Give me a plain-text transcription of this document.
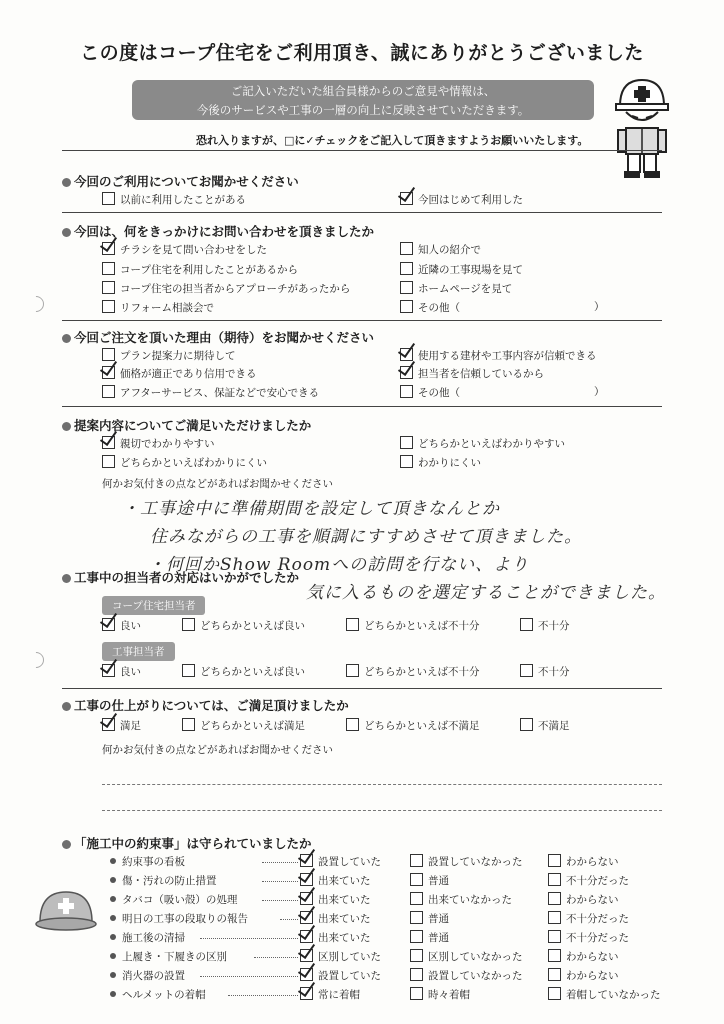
この度はコープ住宅をご利用頂き、誠にありがとうございました
ご記入いただいた組合員様からのご意見や情報は、
今後のサービスや工事の一層の向上に反映させていただきます。
恐れ入りますが、□に✓チェックをご記入して頂きますようお願いいたします。
今回のご利用についてお聞かせください
以前に利用したことがある	今回はじめて利用した
今回は、何をきっかけにお問い合わせを頂きましたか
チラシを見て問い合わせをした	知人の紹介で
コープ住宅を利用したことがあるから	近隣の工事現場を見て
コープ住宅の担当者からアプローチがあったから	ホームページを見て
リフォーム相談会で	その他（	）
今回ご注文を頂いた理由（期待）をお聞かせください
プラン提案力に期待して	使用する建材や工事内容が信頼できる
価格が適正であり信用できる	担当者を信頼しているから
アフターサービス、保証などで安心できる	その他（	）
提案内容についてご満足いただけましたか
親切でわかりやすい	どちらかといえばわかりやすい
どちらかといえばわかりにくい	わかりにくい
何かお気付きの点などがあればお聞かせください
・工事途中に準備期間を設定して頂きなんとか
住みながらの工事を順調にすすめさせて頂きました。
・何回かShow Roomへの訪問を行ない、より
気に入るものを選定することができました。
工事中の担当者の対応はいかがでしたか
コープ住宅担当者
良い	どちらかといえば良い	どちらかといえば不十分	不十分
工事担当者
良い	どちらかといえば良い	どちらかといえば不十分	不十分
工事の仕上がりについては、ご満足頂けましたか
満足	どちらかといえば満足	どちらかといえば不満足	不満足
何かお気付きの点などがあればお聞かせください
「施工中の約束事」は守られていましたか
約束事の看板	設置していた	設置していなかった	わからない
傷・汚れの防止措置	出来ていた	普通	不十分だった
タバコ（吸い殻）の処理	出来ていた	出来ていなかった	わからない
明日の工事の段取りの報告	出来ていた	普通	不十分だった
施工後の清掃	出来ていた	普通	不十分だった
上履き・下履きの区別	区別していた	区別していなかった	わからない
消火器の設置	設置していた	設置していなかった	わからない
ヘルメットの着帽	常に着帽	時々着帽	着帽していなかった
